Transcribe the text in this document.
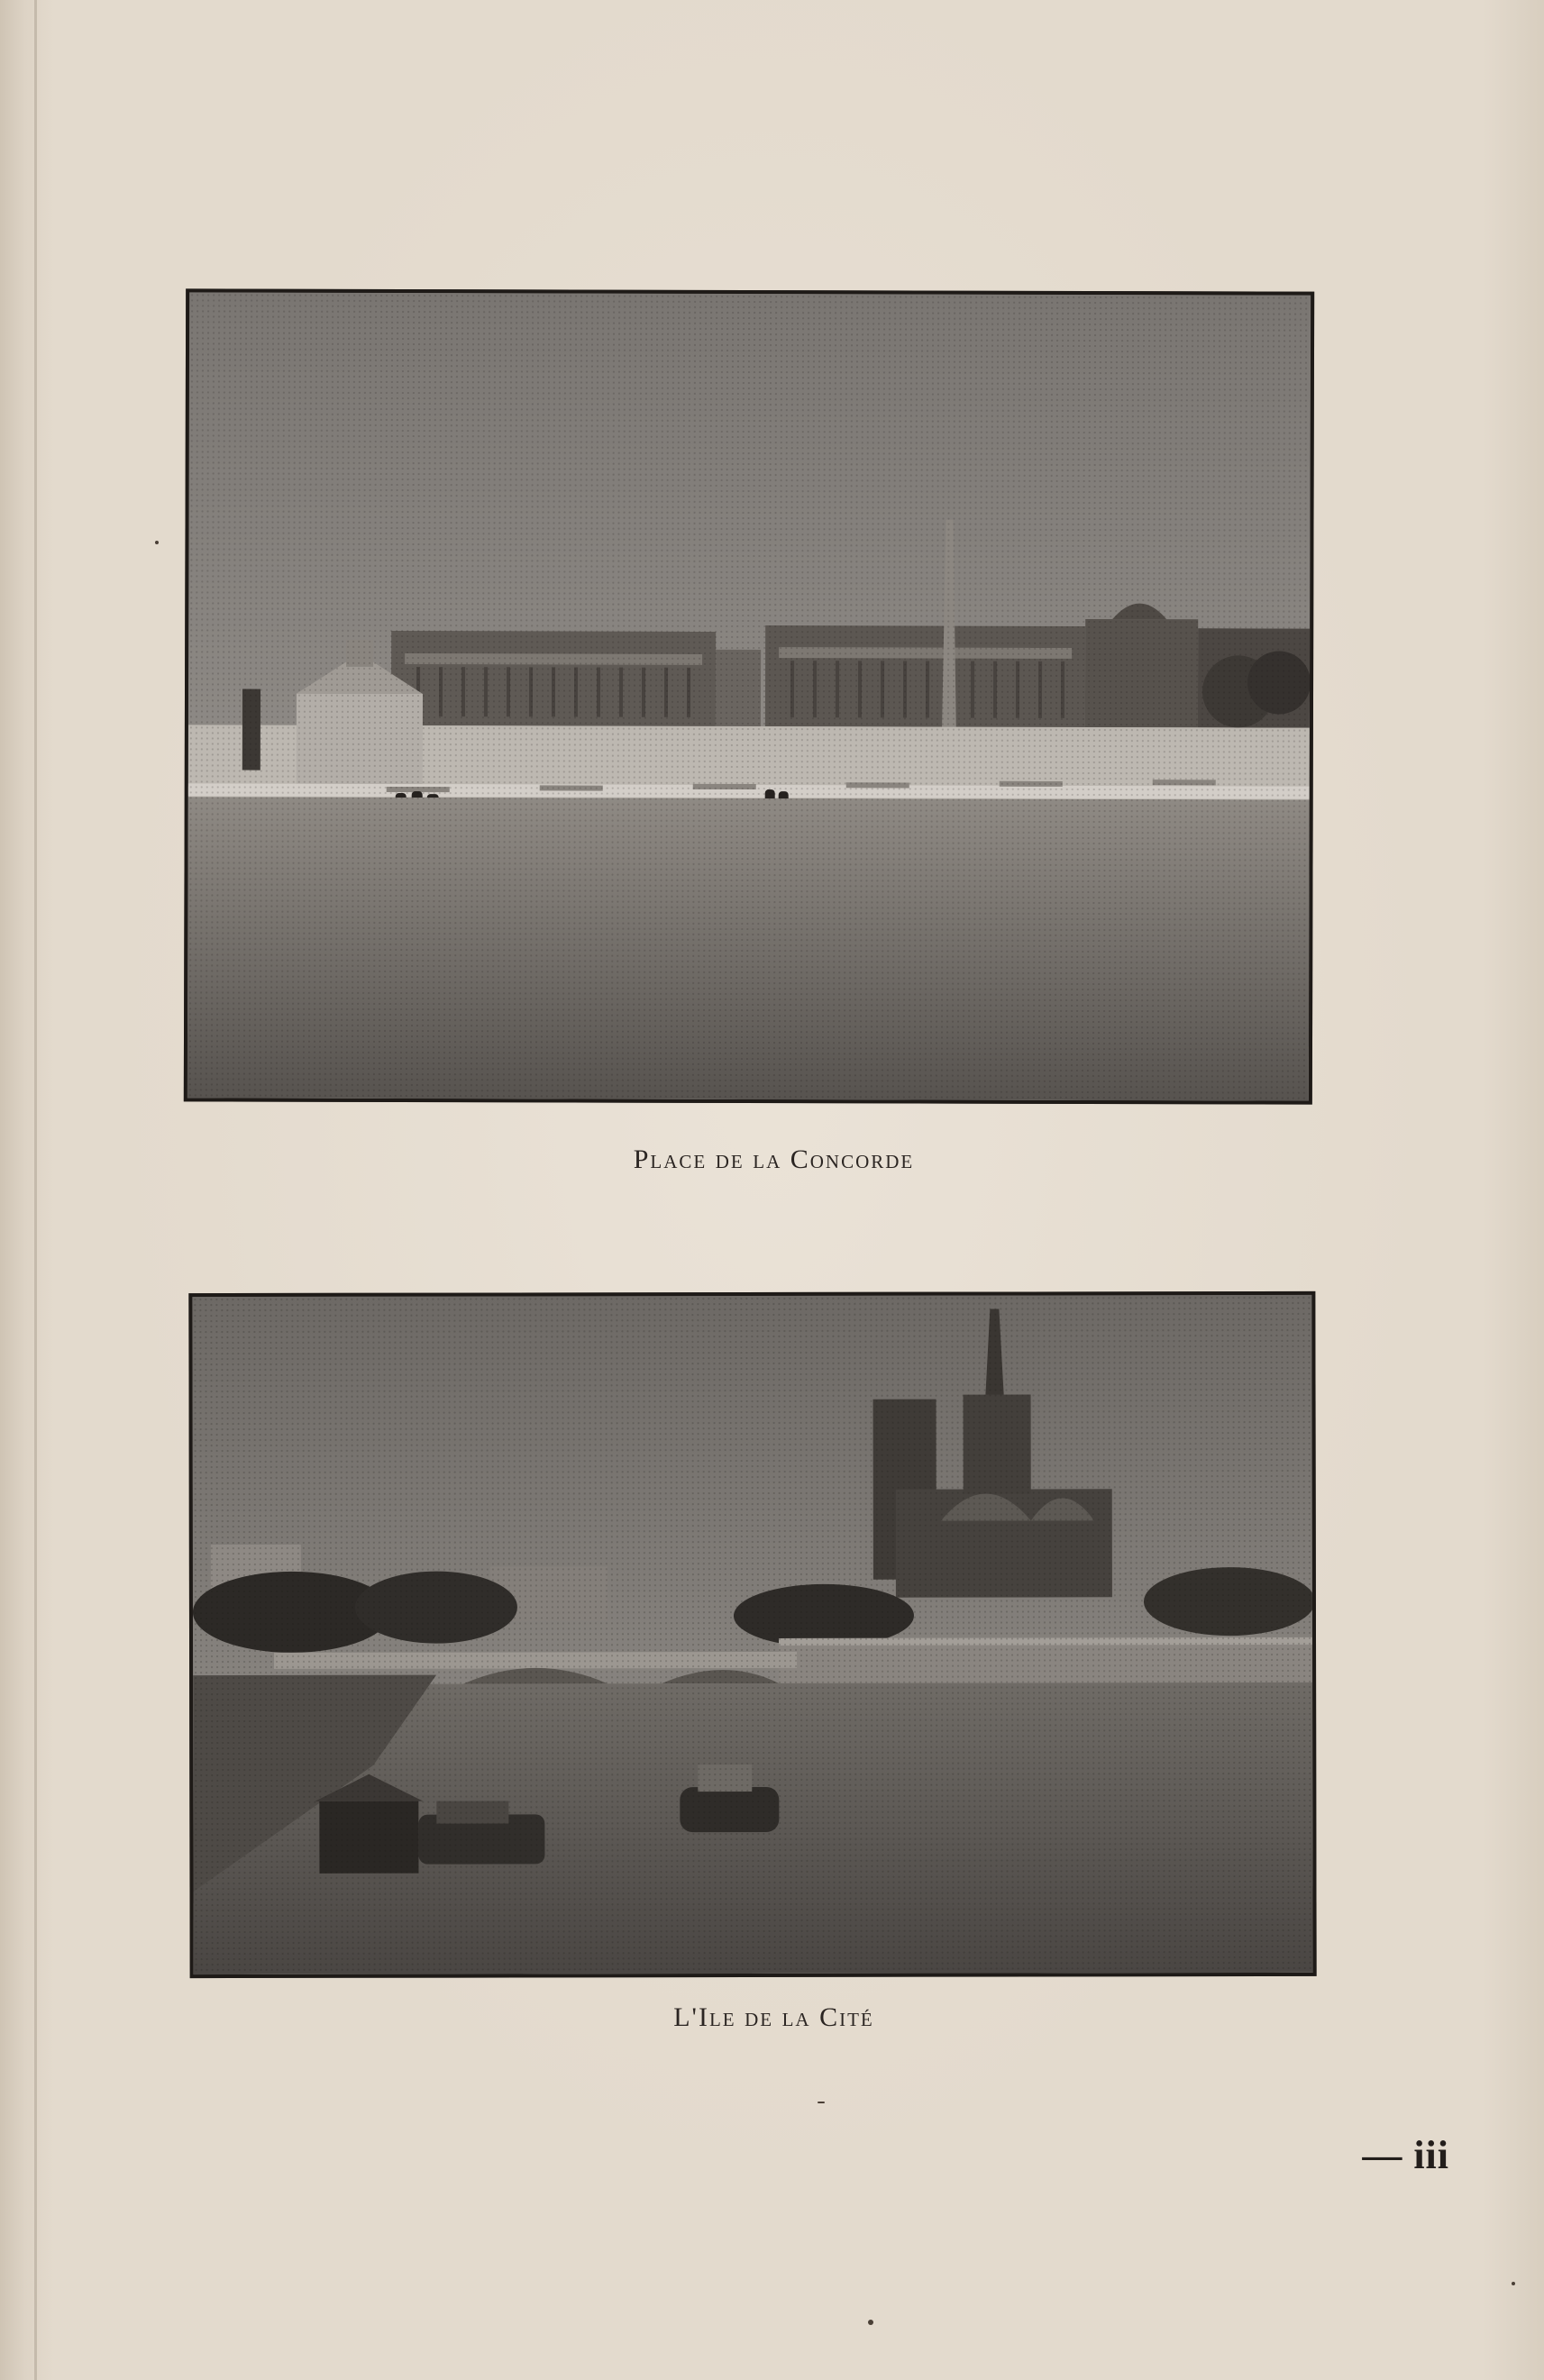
Place de la Concorde
L'Ile de la Cité
— iii
